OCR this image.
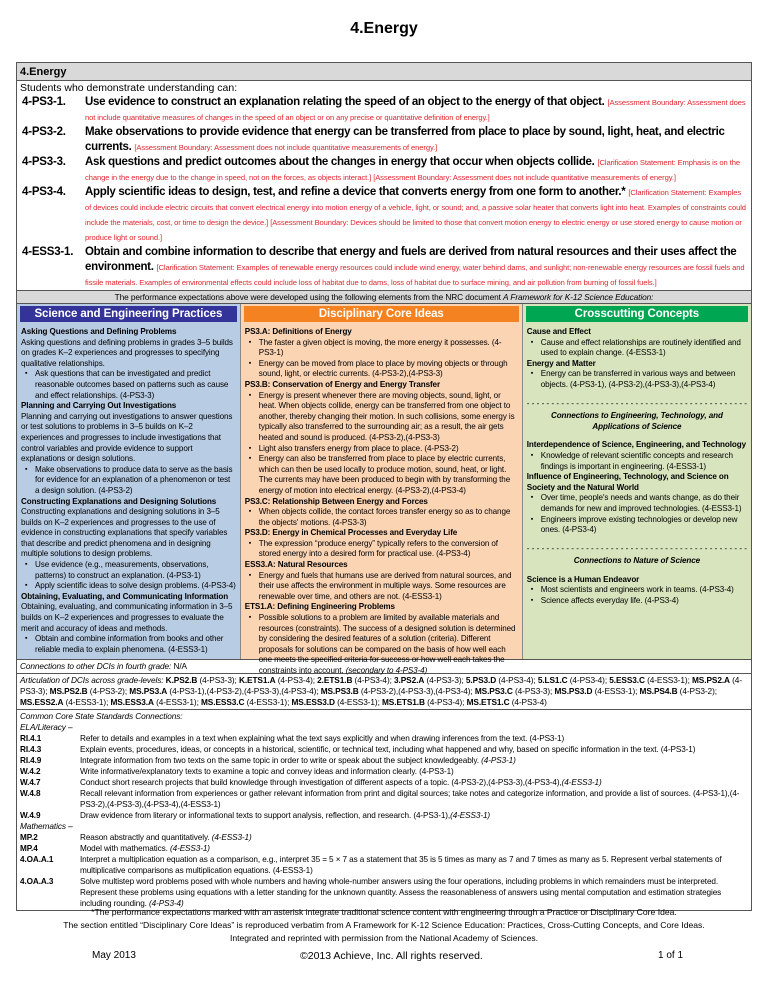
4.Energy
4.Energy
Students who demonstrate understanding can:
4-PS3-1.	Use evidence to construct an explanation relating the speed of an object to the energy of that object. [Assessment Boundary: Assessment does not include quantitative measures of changes in the speed of an object or on any precise or quantitative definition of energy.]
4-PS3-2.	Make observations to provide evidence that energy can be transferred from place to place by sound, light, heat, and electric currents. [Assessment Boundary: Assessment does not include quantitative measurements of energy.]
4-PS3-3.	Ask questions and predict outcomes about the changes in energy that occur when objects collide. [Clarification Statement: Emphasis is on the change in the energy due to the change in speed, not on the forces, as objects interact.] [Assessment Boundary: Assessment does not include quantitative measurements of energy.]
4-PS3-4.	Apply scientific ideas to design, test, and refine a device that converts energy from one form to another.* [Clarification Statement: Examples of devices could include electric circuits that convert electrical energy into motion energy of a vehicle, light, or sound; and, a passive solar heater that converts light into heat. Examples of constraints could include the materials, cost, or time to design the device.] [Assessment Boundary: Devices should be limited to those that convert motion energy to electric energy or use stored energy to cause motion or produce light or sound.]
4-ESS3-1.	Obtain and combine information to describe that energy and fuels are derived from natural resources and their uses affect the environment. [Clarification Statement: Examples of renewable energy resources could include wind energy, water behind dams, and sunlight; non-renewable energy resources are fossil fuels and fissile materials. Examples of environmental effects could include loss of habitat due to dams, loss of habitat due to surface mining, and air pollution from burning of fossil fuels.]
The performance expectations above were developed using the following elements from the NRC document A Framework for K-12 Science Education:
Science and Engineering Practices
Asking Questions and Defining Problems
Asking questions and defining problems in grades 3–5 builds on grades K–2 experiences and progresses to specifying qualitative relationships.
▪ Ask questions that can be investigated and predict reasonable outcomes based on patterns such as cause and effect relationships. (4-PS3-3)
Planning and Carrying Out Investigations
Planning and carrying out investigations to answer questions or test solutions to problems in 3–5 builds on K–2 experiences and progresses to include investigations that control variables and provide evidence to support explanations or design solutions.
▪ Make observations to produce data to serve as the basis for evidence for an explanation of a phenomenon or test a design solution. (4-PS3-2)
Constructing Explanations and Designing Solutions
Constructing explanations and designing solutions in 3–5 builds on K–2 experiences and progresses to the use of evidence in constructing explanations that specify variables that describe and predict phenomena and in designing multiple solutions to design problems.
▪ Use evidence (e.g., measurements, observations, patterns) to construct an explanation. (4-PS3-1)
▪ Apply scientific ideas to solve design problems. (4-PS3-4)
Obtaining, Evaluating, and Communicating Information
Obtaining, evaluating, and communicating information in 3–5 builds on K–2 experiences and progresses to evaluate the merit and accuracy of ideas and methods.
▪ Obtain and combine information from books and other reliable media to explain phenomena. (4-ESS3-1)
Disciplinary Core Ideas
PS3.A: Definitions of Energy
▪ The faster a given object is moving, the more energy it possesses. (4-PS3-1)
▪ Energy can be moved from place to place by moving objects or through sound, light, or electric currents. (4-PS3-2),(4-PS3-3)
PS3.B: Conservation of Energy and Energy Transfer
▪ Energy is present whenever there are moving objects, sound, light, or heat. When objects collide, energy can be transferred from one object to another, thereby changing their motion. In such collisions, some energy is typically also transferred to the surrounding air; as a result, the air gets heated and sound is produced. (4-PS3-2),(4-PS3-3)
▪ Light also transfers energy from place to place. (4-PS3-2)
▪ Energy can also be transferred from place to place by electric currents, which can then be used locally to produce motion, sound, heat, or light. The currents may have been produced to begin with by transforming the energy of motion into electrical energy. (4-PS3-2),(4-PS3-4)
PS3.C: Relationship Between Energy and Forces
▪ When objects collide, the contact forces transfer energy so as to change the objects' motions. (4-PS3-3)
PS3.D: Energy in Chemical Processes and Everyday Life
▪ The expression “produce energy” typically refers to the conversion of stored energy into a desired form for practical use. (4-PS3-4)
ESS3.A: Natural Resources
▪ Energy and fuels that humans use are derived from natural sources, and their use affects the environment in multiple ways. Some resources are renewable over time, and others are not. (4-ESS3-1)
ETS1.A: Defining Engineering Problems
▪ Possible solutions to a problem are limited by available materials and resources (constraints). The success of a designed solution is determined by considering the desired features of a solution (criteria). Different proposals for solutions can be compared on the basis of how well each one meets the specified criteria for success or how well each takes the constraints into account. (secondary to 4-PS3-4)
Crosscutting Concepts
Cause and Effect
▪ Cause and effect relationships are routinely identified and used to explain change. (4-ESS3-1)
Energy and Matter
▪ Energy can be transferred in various ways and between objects. (4-PS3-1), (4-PS3-2),(4-PS3-3),(4-PS3-4)
- - - - - - - - - - - - - - - - - - - - - - - - - - - - - - - - - - - - - - - - - - - - -
Connections to Engineering, Technology, and Applications of Science
Interdependence of Science, Engineering, and Technology
▪ Knowledge of relevant scientific concepts and research findings is important in engineering. (4-ESS3-1)
Influence of Engineering, Technology, and Science on Society and the Natural World
▪ Over time, people's needs and wants change, as do their demands for new and improved technologies. (4-ESS3-1)
▪ Engineers improve existing technologies or develop new ones. (4-PS3-4)
- - - - - - - - - - - - - - - - - - - - - - - - - - - - - - - - - - - - - - - - - - - - -
Connections to Nature of Science
Science is a Human Endeavor
▪ Most scientists and engineers work in teams. (4-PS3-4)
▪ Science affects everyday life. (4-PS3-4)
Connections to other DCIs in fourth grade: N/A
Articulation of DCIs across grade-levels: K.PS2.B (4-PS3-3); K.ETS1.A (4-PS3-4); 2.ETS1.B (4-PS3-4); 3.PS2.A (4-PS3-3); 5.PS3.D (4-PS3-4); 5.LS1.C (4-PS3-4); 5.ESS3.C (4-ESS3-1); MS.PS2.A (4-PS3-3); MS.PS2.B (4-PS3-2); MS.PS3.A (4-PS3-1),(4-PS3-2),(4-PS3-3),(4-PS3-4); MS.PS3.B (4-PS3-2),(4-PS3-3),(4-PS3-4); MS.PS3.C (4-PS3-3); MS.PS3.D (4-ESS3-1); MS.PS4.B (4-PS3-2); MS.ESS2.A (4-ESS3-1); MS.ESS3.A (4-ESS3-1); MS.ESS3.C (4-ESS3-1); MS.ESS3.D (4-ESS3-1); MS.ETS1.B (4-PS3-4); MS.ETS1.C (4-PS3-4)
Common Core State Standards Connections:
ELA/Literacy –
RI.4.1	Refer to details and examples in a text when explaining what the text says explicitly and when drawing inferences from the text. (4-PS3-1)
RI.4.3	Explain events, procedures, ideas, or concepts in a historical, scientific, or technical text, including what happened and why, based on specific information in the text. (4-PS3-1)
RI.4.9	Integrate information from two texts on the same topic in order to write or speak about the subject knowledgeably. (4-PS3-1)
W.4.2	Write informative/explanatory texts to examine a topic and convey ideas and information clearly. (4-PS3-1)
W.4.7	Conduct short research projects that build knowledge through investigation of different aspects of a topic. (4-PS3-2),(4-PS3-3),(4-PS3-4),(4-ESS3-1)
W.4.8	Recall relevant information from experiences or gather relevant information from print and digital sources; take notes and categorize information, and provide a list of sources. (4-PS3-1),(4-PS3-2),(4-PS3-3),(4-PS3-4),(4-ESS3-1)
W.4.9	Draw evidence from literary or informational texts to support analysis, reflection, and research. (4-PS3-1),(4-ESS3-1)
Mathematics –
MP.2	Reason abstractly and quantitatively. (4-ESS3-1)
MP.4	Model with mathematics. (4-ESS3-1)
4.OA.A.1	Interpret a multiplication equation as a comparison, e.g., interpret 35 = 5 × 7 as a statement that 35 is 5 times as many as 7 and 7 times as many as 5. Represent verbal statements of multiplicative comparisons as multiplication equations. (4-ESS3-1)
4.OA.A.3	Solve multistep word problems posed with whole numbers and having whole-number answers using the four operations, including problems in which remainders must be interpreted. Represent these problems using equations with a letter standing for the unknown quantity. Assess the reasonableness of answers using mental computation and estimation strategies including rounding. (4-PS3-4)
*The performance expectations marked with an asterisk integrate traditional science content with engineering through a Practice or Disciplinary Core Idea.
The section entitled “Disciplinary Core Ideas” is reproduced verbatim from A Framework for K-12 Science Education: Practices, Cross-Cutting Concepts, and Core Ideas. Integrated and reprinted with permission from the National Academy of Sciences.
May 2013	©2013 Achieve, Inc. All rights reserved.	1 of 1
